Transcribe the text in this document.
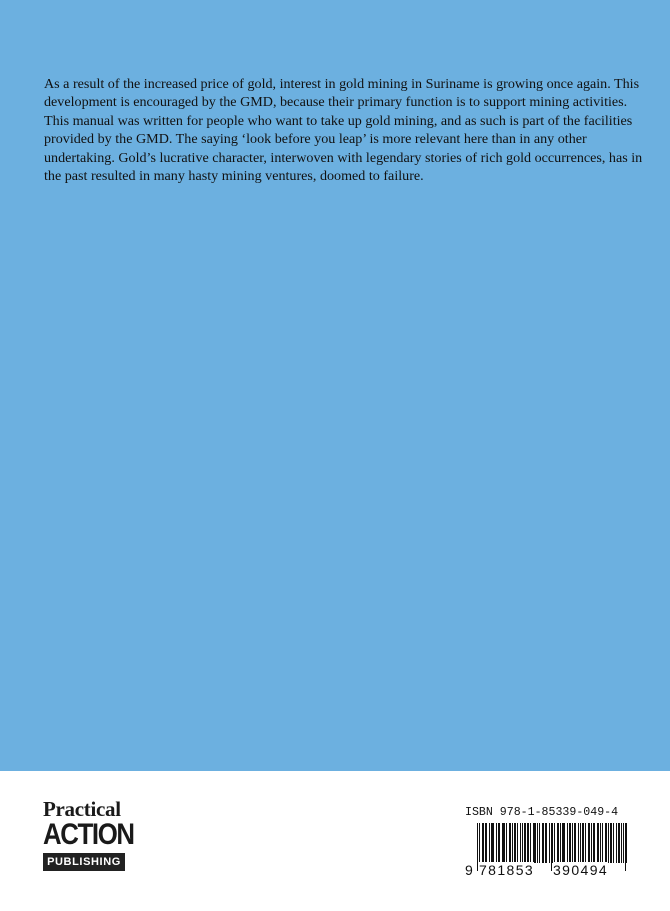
As a result of the increased price of gold, interest in gold mining in Suriname is growing once again. This development is encouraged by the GMD, because their primary function is to support mining activities. This manual was written for people who want to take up gold mining, and as such is part of the facilities provided by the GMD. The saying ‘look before you leap’ is more relevant here than in any other undertaking. Gold’s lucrative character, interwoven with legendary stories of rich gold occurrences, has in the past resulted in many hasty mining ventures, doomed to failure.

Practical
ACTION
PUBLISHING
ISBN 978-1-85339-049-4
9 781853 390494
